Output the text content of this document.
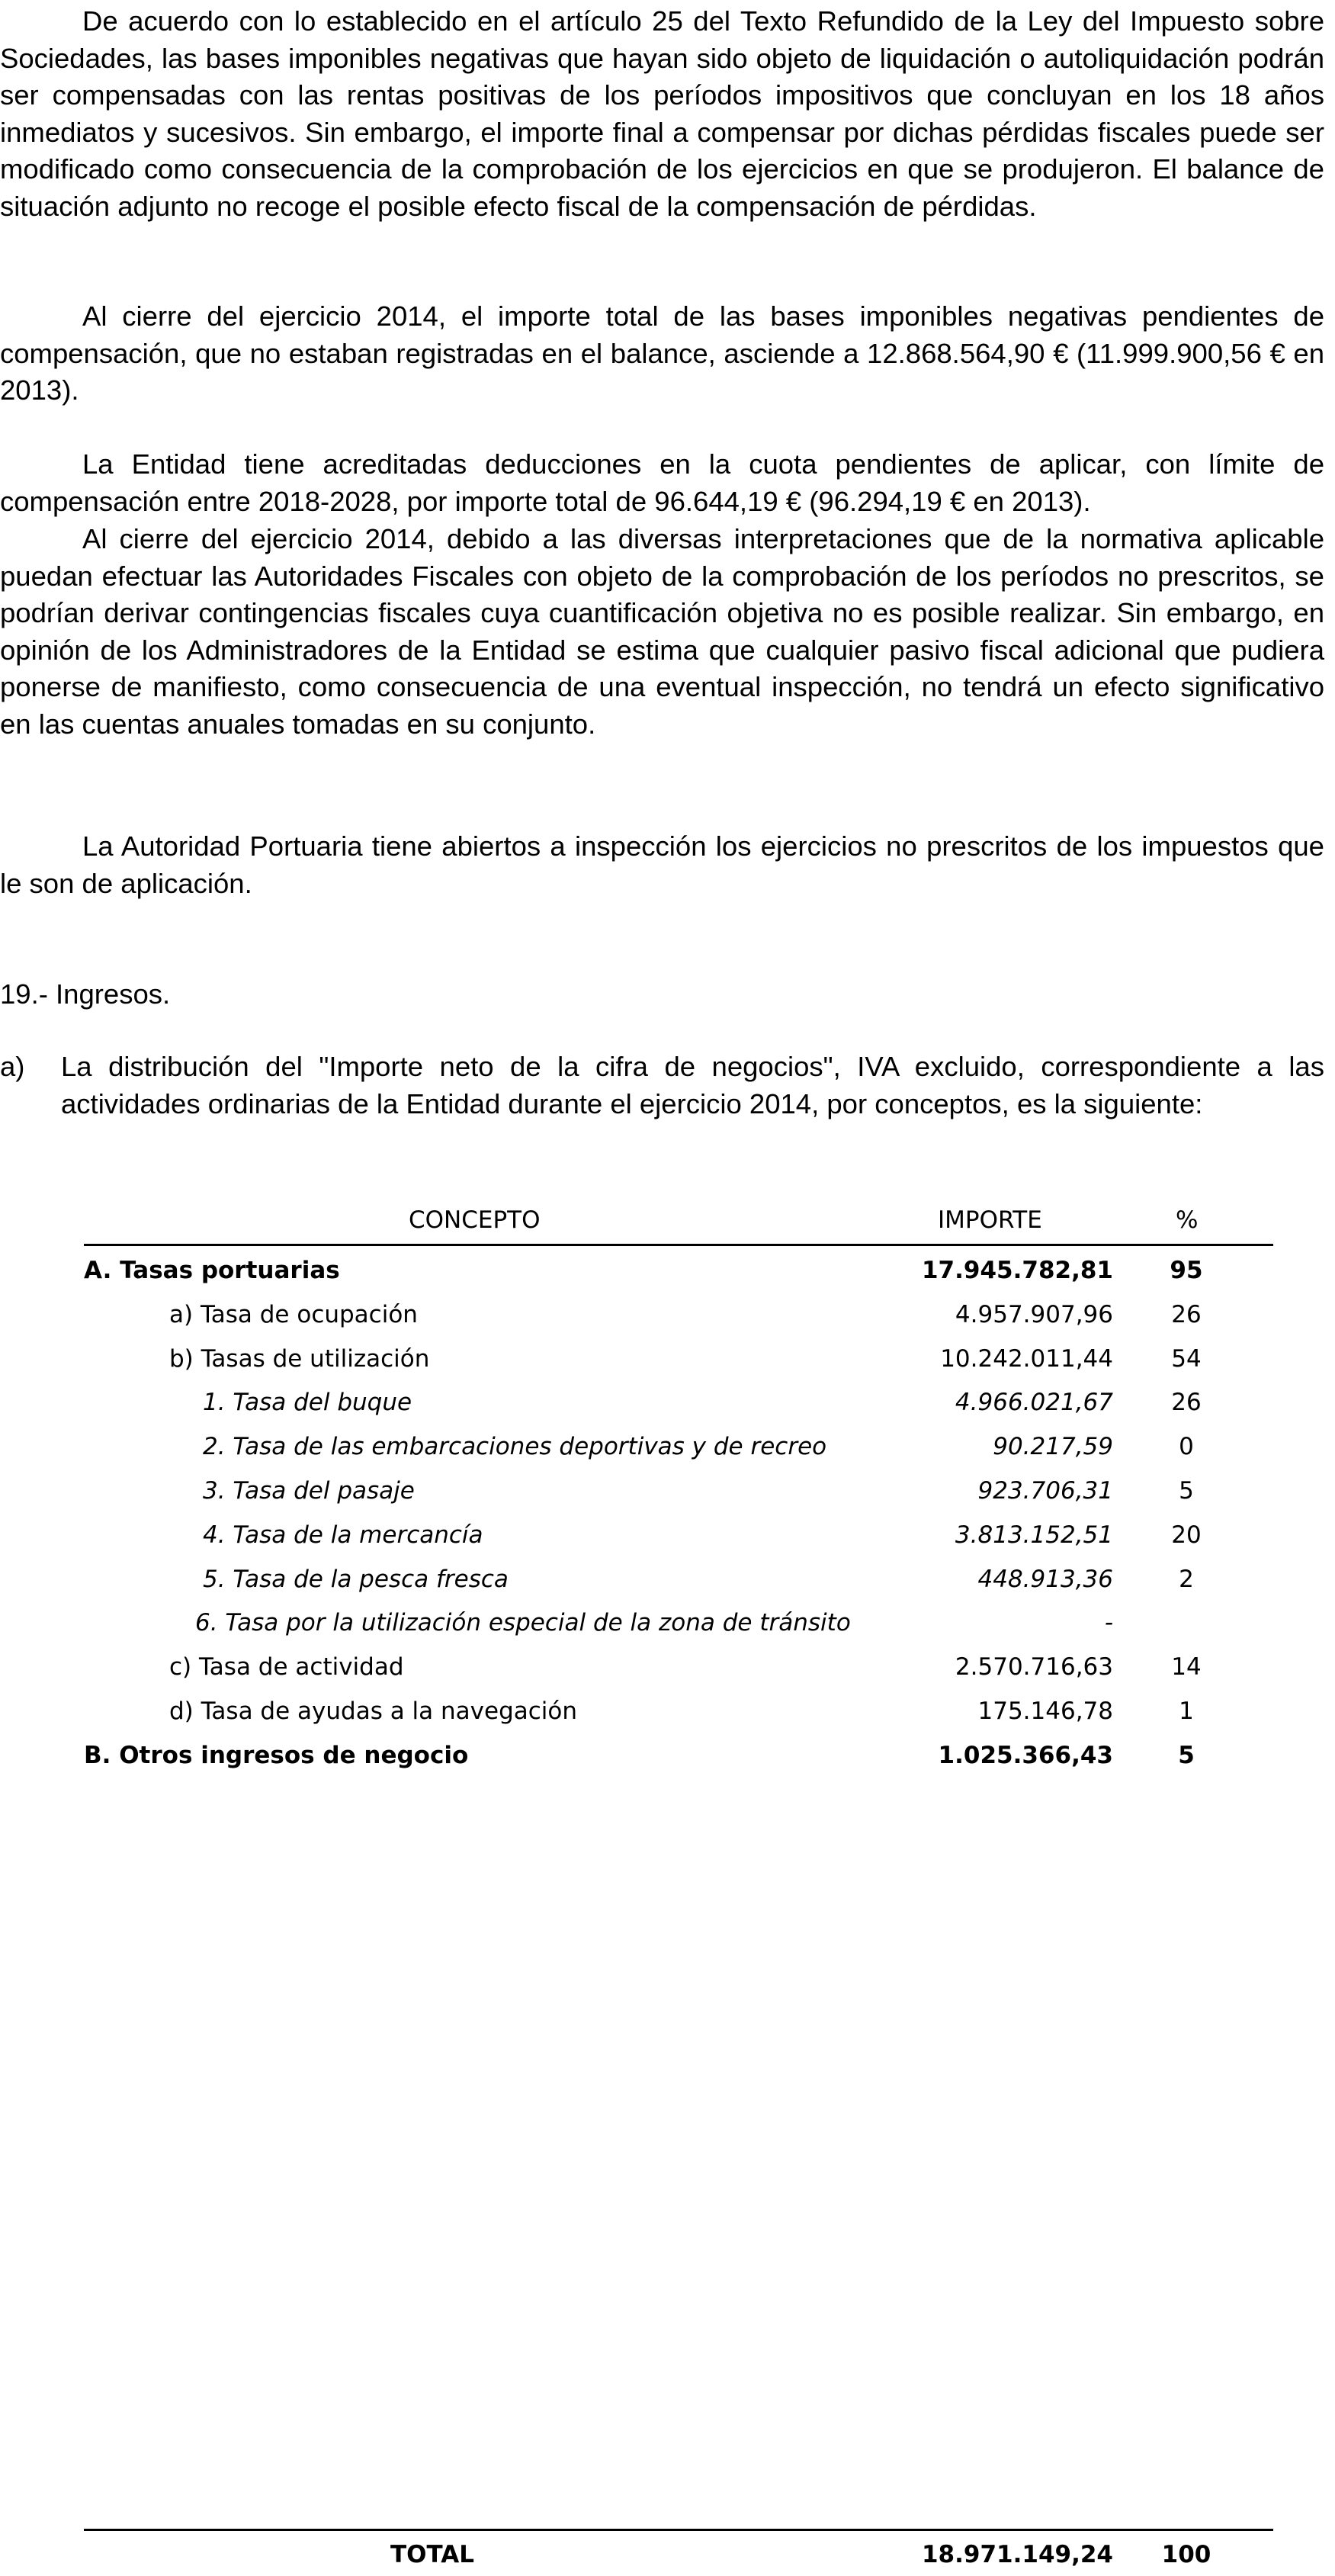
De acuerdo con lo establecido en el artículo 25 del Texto Refundido de la Ley del Impuesto sobre Sociedades, las bases imponibles negativas que hayan sido objeto de liquidación o autoliquidación podrán ser compensadas con las rentas positivas de los períodos impositivos que concluyan en los 18 años inmediatos y sucesivos. Sin embargo, el importe final a compensar por dichas pérdidas fiscales puede ser modificado como consecuencia de la comprobación de los ejercicios en que se produjeron. El balance de situación adjunto no recoge el posible efecto fiscal de la compensación de pérdidas.

Al cierre del ejercicio 2014, el importe total de las bases imponibles negativas pendientes de compensación, que no estaban registradas en el balance, asciende a 12.868.564,90 € (11.999.900,56 € en 2013).

La Entidad tiene acreditadas deducciones en la cuota pendientes de aplicar, con límite de compensación entre 2018-2028, por importe total de 96.644,19 € (96.294,19 € en 2013).

Al cierre del ejercicio 2014, debido a las diversas interpretaciones que de la normativa aplicable puedan efectuar las Autoridades Fiscales con objeto de la comprobación de los períodos no prescritos, se podrían derivar contingencias fiscales cuya cuantificación objetiva no es posible realizar. Sin embargo, en opinión de los Administradores de la Entidad se estima que cualquier pasivo fiscal adicional que pudiera ponerse de manifiesto, como consecuencia de una eventual inspección, no tendrá un efecto significativo en las cuentas anuales tomadas en su conjunto.

La Autoridad Portuaria tiene abiertos a inspección los ejercicios no prescritos de los impuestos que le son de aplicación.

19.- Ingresos.

a) La distribución del "Importe neto de la cifra de negocios", IVA excluido, correspondiente a las actividades ordinarias de la Entidad durante el ejercicio 2014, por conceptos, es la siguiente:

CONCEPTO	IMPORTE	%
A. Tasas portuarias	17.945.782,81	95
a) Tasa de ocupación	4.957.907,96	26
b) Tasas de utilización	10.242.011,44	54
1. Tasa del buque	4.966.021,67	26
2. Tasa de las embarcaciones deportivas y de recreo	90.217,59	0
3. Tasa del pasaje	923.706,31	5
4. Tasa de la mercancía	3.813.152,51	20
5. Tasa de la pesca fresca	448.913,36	2
6. Tasa por la utilización especial de la zona de tránsito	-
c) Tasa de actividad	2.570.716,63	14
d) Tasa de ayudas a la navegación	175.146,78	1
B. Otros ingresos de negocio	1.025.366,43	5
TOTAL	18.971.149,24	100
